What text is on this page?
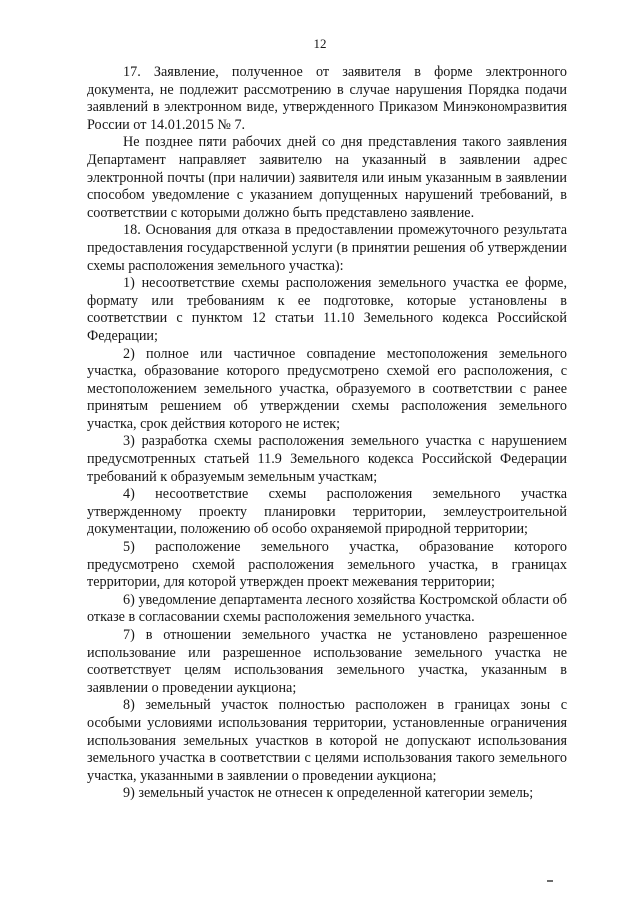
12

17. Заявление, полученное от заявителя в форме электронного документа, не подлежит рассмотрению в случае нарушения Порядка подачи заявлений в электронном виде, утвержденного Приказом Минэкономразвития России от 14.01.2015 № 7.

Не позднее пяти рабочих дней со дня представления такого заявления Департамент направляет заявителю на указанный в заявлении адрес электронной почты (при наличии) заявителя или иным указанным в заявлении способом уведомление с указанием допущенных нарушений требований, в соответствии с которыми должно быть представлено заявление.

18. Основания для отказа в предоставлении промежуточного результата предоставления государственной услуги (в принятии решения об утверждении схемы расположения земельного участка):

1) несоответствие схемы расположения земельного участка ее форме, формату или требованиям к ее подготовке, которые установлены в соответствии с пунктом 12 статьи 11.10 Земельного кодекса Российской Федерации;

2) полное или частичное совпадение местоположения земельного участка, образование которого предусмотрено схемой его расположения, с местоположением земельного участка, образуемого в соответствии с ранее принятым решением об утверждении схемы расположения земельного участка, срок действия которого не истек;

3) разработка схемы расположения земельного участка с нарушением предусмотренных статьей 11.9 Земельного кодекса Российской Федерации требований к образуемым земельным участкам;

4) несоответствие схемы расположения земельного участка утвержденному проекту планировки территории, землеустроительной документации, положению об особо охраняемой природной территории;

5) расположение земельного участка, образование которого предусмотрено схемой расположения земельного участка, в границах территории, для которой утвержден проект межевания территории;

6) уведомление департамента лесного хозяйства Костромской области об отказе в согласовании схемы расположения земельного участка.

7) в отношении земельного участка не установлено разрешенное использование или разрешенное использование земельного участка не соответствует целям использования земельного участка, указанным в заявлении о проведении аукциона;

8) земельный участок полностью расположен в границах зоны с особыми условиями использования территории, установленные ограничения использования земельных участков в которой не допускают использования земельного участка в соответствии с целями использования такого земельного участка, указанными в заявлении о проведении аукциона;

9) земельный участок не отнесен к определенной категории земель;
